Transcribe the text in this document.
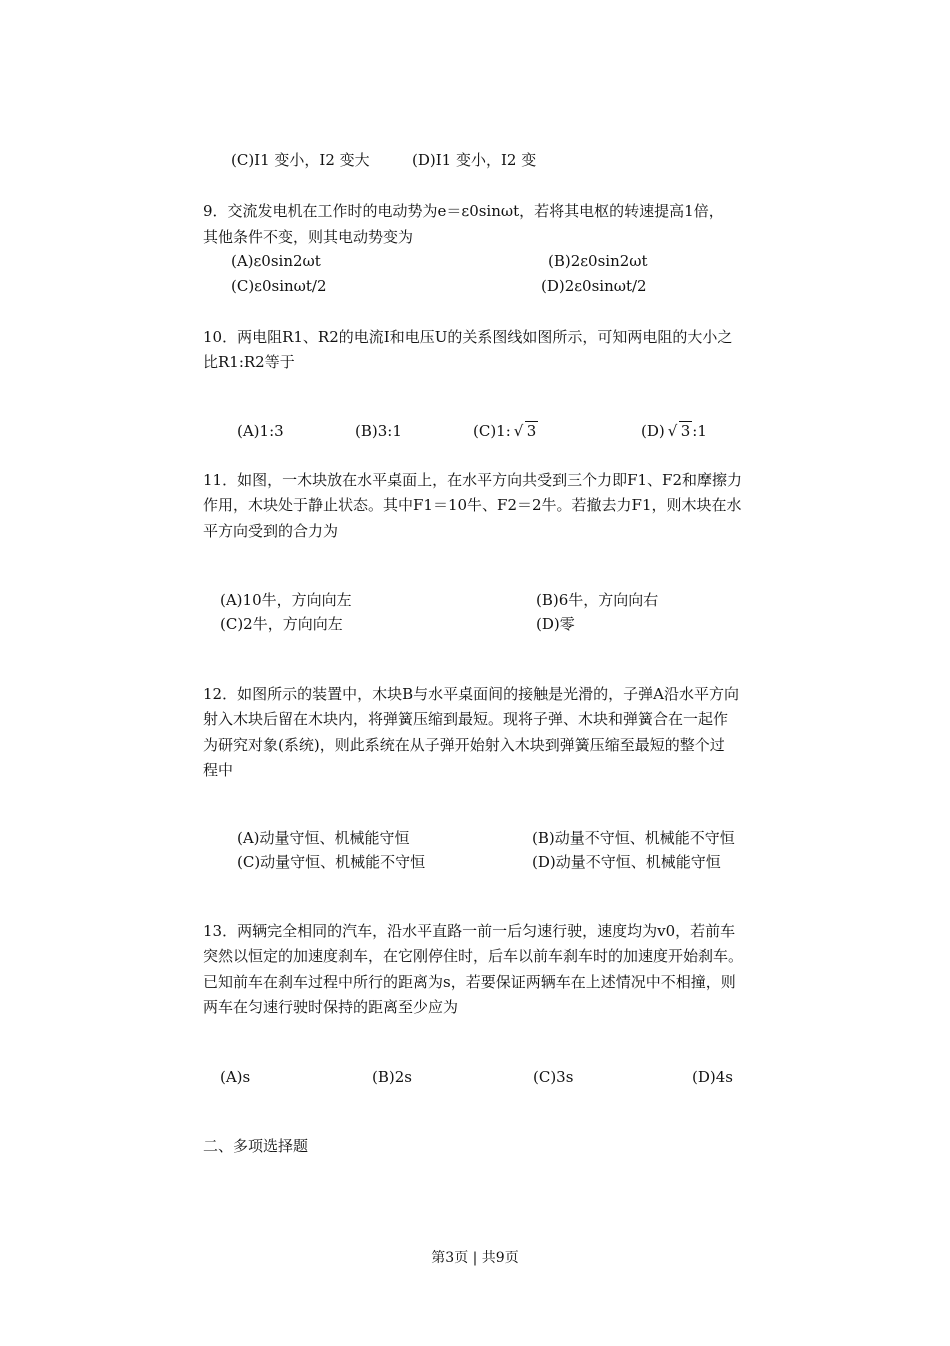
(C)I1 变小，I2 变大	(D)I1 变小，I2 变
9．交流发电机在工作时的电动势为e＝ε0sinωt，若将其电枢的转速提高1倍，
其他条件不变，则其电动势变为
(A)ε0sin2ωt	(B)2ε0sin2ωt
(C)ε0sinωt/2	(D)2ε0sinωt/2
10．两电阻R1、R2的电流I和电压U的关系图线如图所示，可知两电阻的大小之
比R1:R2等于
(A)1:3	(B)3:1	(C)1: √ 3	(D) √ 3 :1
11．如图，一木块放在水平桌面上，在水平方向共受到三个力即F1、F2和摩擦力
作用，木块处于静止状态。其中F1＝10牛、F2＝2牛。若撤去力F1，则木块在水
平方向受到的合力为
(A)10牛，方向向左	(B)6牛，方向向右
(C)2牛，方向向左	(D)零
12．如图所示的装置中，木块B与水平桌面间的接触是光滑的，子弹A沿水平方向
射入木块后留在木块内，将弹簧压缩到最短。现将子弹、木块和弹簧合在一起作
为研究对象(系统)，则此系统在从子弹开始射入木块到弹簧压缩至最短的整个过
程中
(A)动量守恒、机械能守恒	(B)动量不守恒、机械能不守恒
(C)动量守恒、机械能不守恒	(D)动量不守恒、机械能守恒
13．两辆完全相同的汽车，沿水平直路一前一后匀速行驶，速度均为v0，若前车
突然以恒定的加速度刹车，在它刚停住时，后车以前车刹车时的加速度开始刹车。
已知前车在刹车过程中所行的距离为s，若要保证两辆车在上述情况中不相撞，则
两车在匀速行驶时保持的距离至少应为
(A)s	(B)2s	(C)3s	(D)4s
二、多项选择题
第3页 | 共9页
